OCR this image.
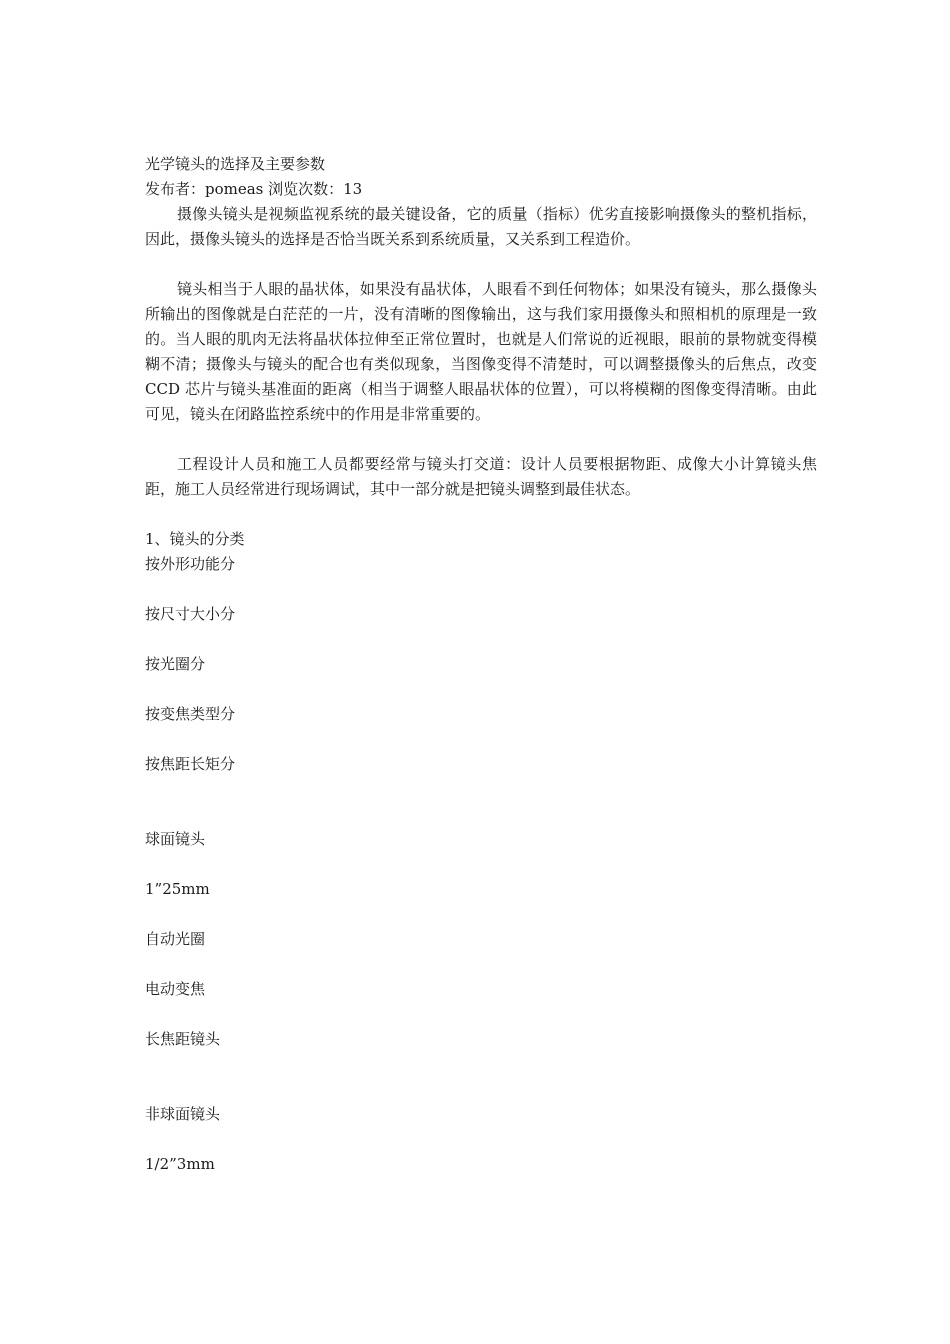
光学镜头的选择及主要参数

发布者：pomeas 浏览次数：13

摄像头镜头是视频监视系统的最关键设备，它的质量（指标）优劣直接影响摄像头的整机指标，因此，摄像头镜头的选择是否恰当既关系到系统质量，又关系到工程造价。

镜头相当于人眼的晶状体，如果没有晶状体，人眼看不到任何物体；如果没有镜头，那么摄像头所输出的图像就是白茫茫的一片，没有清晰的图像输出，这与我们家用摄像头和照相机的原理是一致的。当人眼的肌肉无法将晶状体拉伸至正常位置时，也就是人们常说的近视眼，眼前的景物就变得模糊不清；摄像头与镜头的配合也有类似现象，当图像变得不清楚时，可以调整摄像头的后焦点，改变 CCD 芯片与镜头基准面的距离（相当于调整人眼晶状体的位置），可以将模糊的图像变得清晰。由此可见，镜头在闭路监控系统中的作用是非常重要的。

工程设计人员和施工人员都要经常与镜头打交道：设计人员要根据物距、成像大小计算镜头焦距，施工人员经常进行现场调试，其中一部分就是把镜头调整到最佳状态。

1、镜头的分类

按外形功能分

按尺寸大小分

按光圈分

按变焦类型分

按焦距长矩分

球面镜头

1”25mm

自动光圈

电动变焦

长焦距镜头

非球面镜头

1/2”3mm
